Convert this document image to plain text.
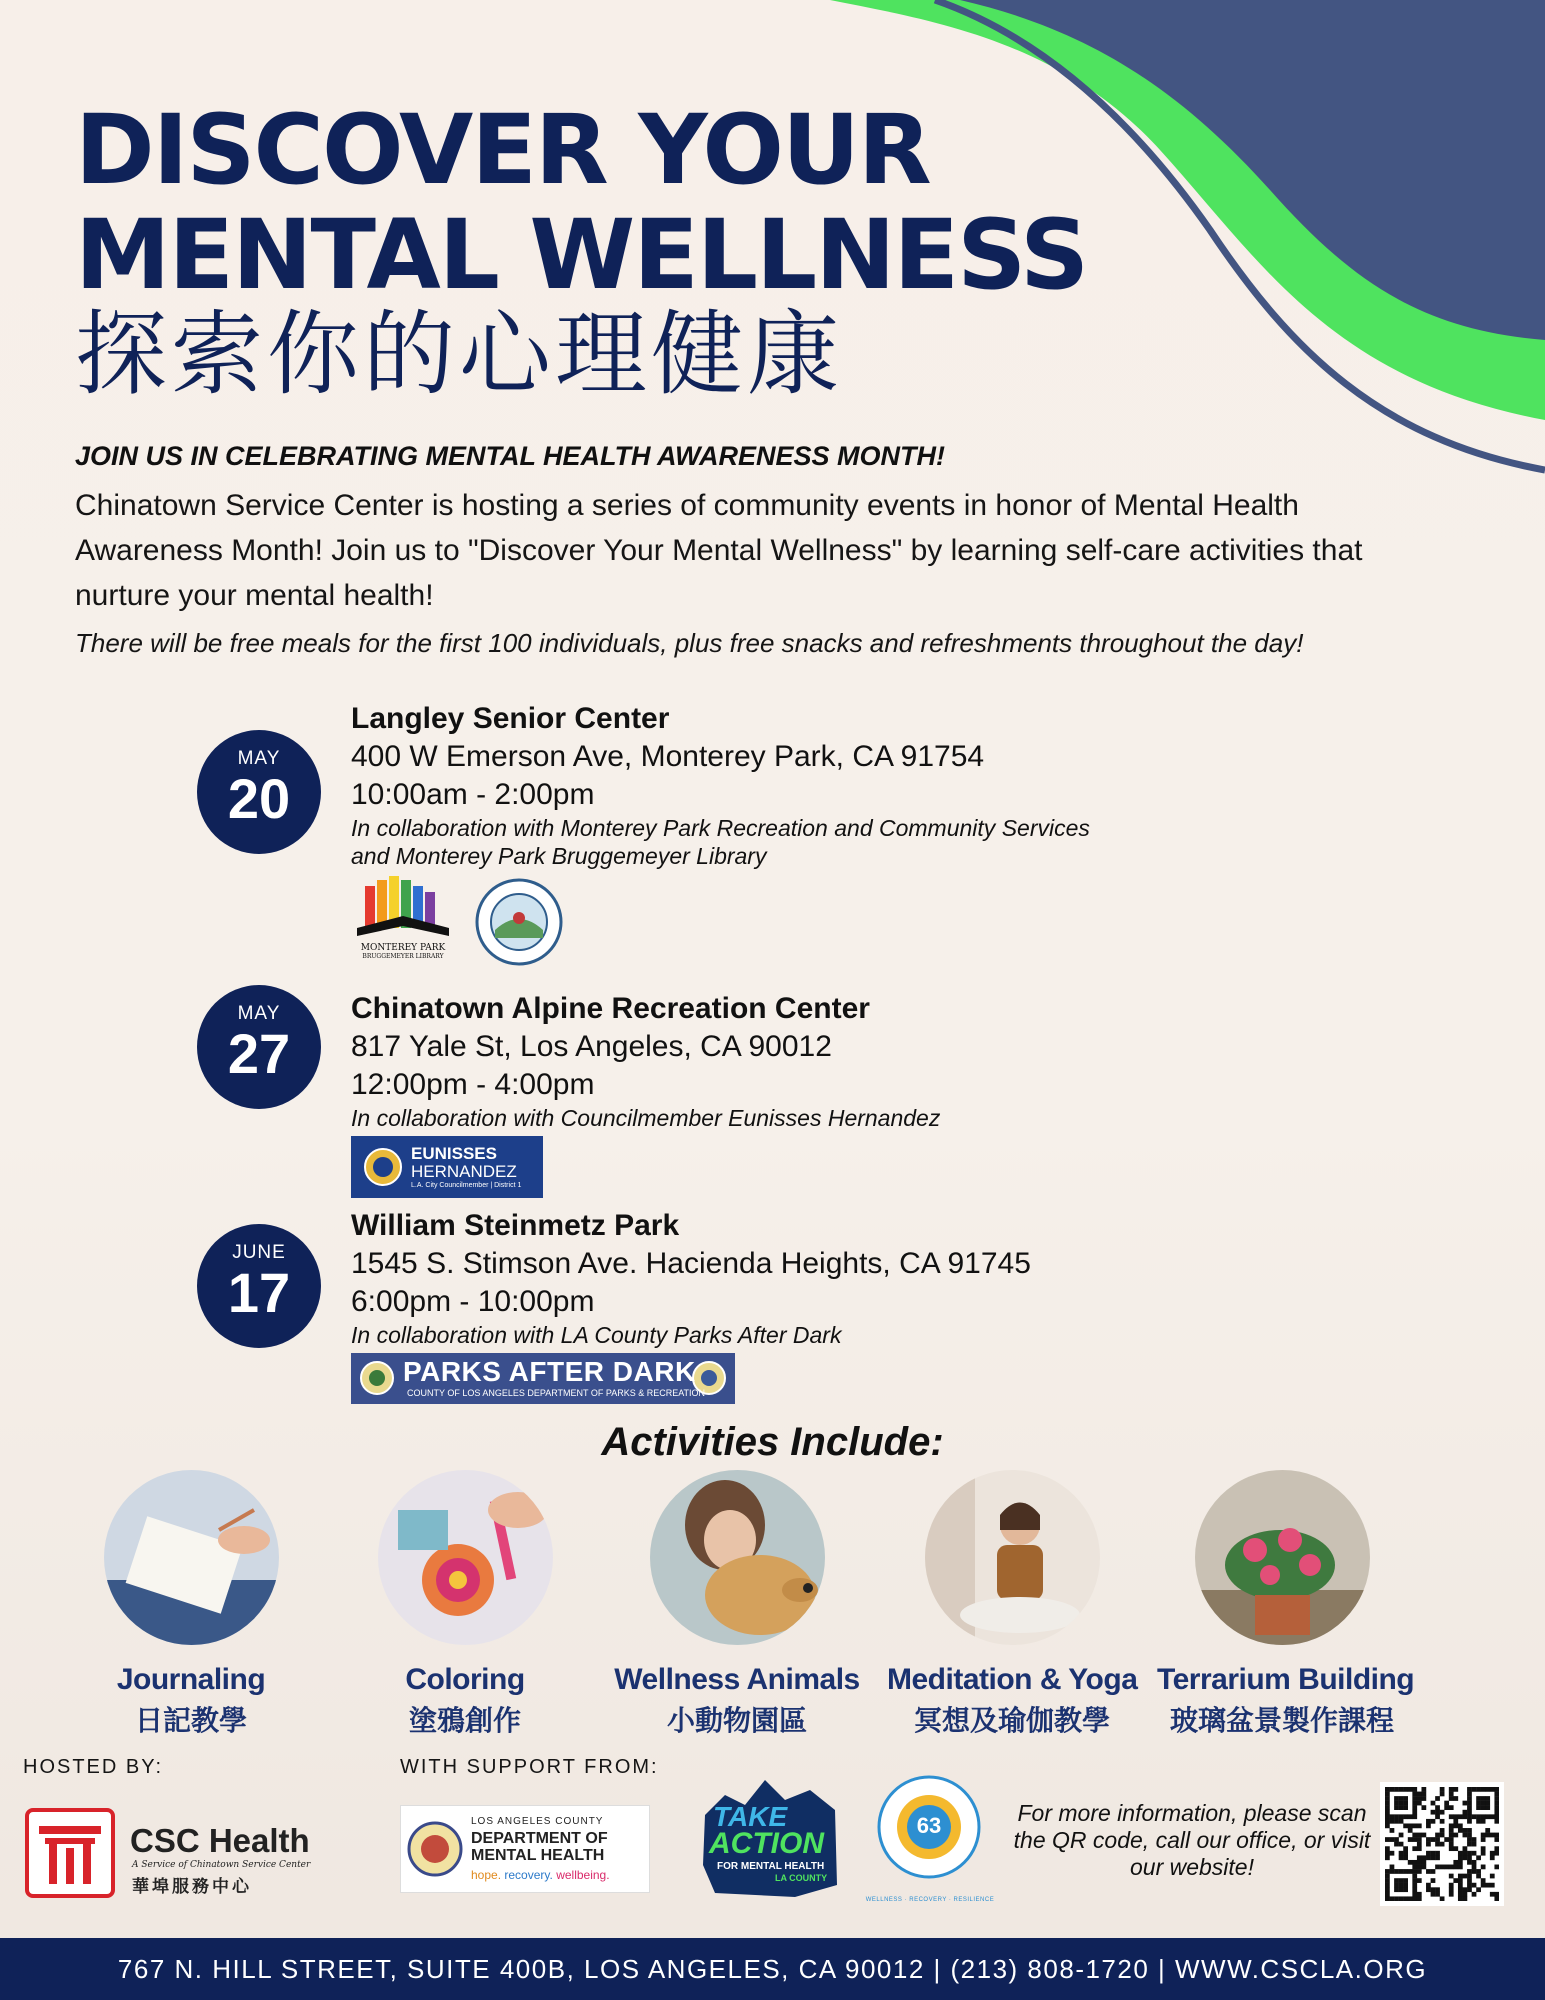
DISCOVER YOUR
MENTAL WELLNESS
探索你的心理健康
JOIN US IN CELEBRATING MENTAL HEALTH AWARENESS MONTH!
Chinatown Service Center is hosting a series of community events in honor of Mental Health Awareness Month! Join us to "Discover Your Mental Wellness" by learning self-care activities that nurture your mental health!
There will be free meals for the first 100 individuals, plus free snacks and refreshments throughout the day!
MAY
20
Langley Senior Center
400 W Emerson Ave, Monterey Park, CA 91754
10:00am - 2:00pm
In collaboration with Monterey Park Recreation and Community Services
and Monterey Park Bruggemeyer Library
MONTEREY PARK
BRUGGEMEYER LIBRARY
MAY
27
Chinatown Alpine Recreation Center
817 Yale St, Los Angeles, CA 90012
12:00pm - 4:00pm
In collaboration with Councilmember Eunisses Hernandez
EUNISSES
HERNANDEZ
L.A. City Councilmember | District 1
JUNE
17
William Steinmetz Park
1545 S. Stimson Ave. Hacienda Heights, CA 91745
6:00pm - 10:00pm
In collaboration with LA County Parks After Dark
PARKS AFTER DARK
COUNTY OF LOS ANGELES DEPARTMENT OF PARKS & RECREATION
Activities Include:
Journaling
日記教學
Coloring
塗鴉創作
Wellness Animals
小動物園區
Meditation & Yoga
冥想及瑜伽教學
Terrarium Building
玻璃盆景製作課程
HOSTED BY:	WITH SUPPORT FROM:
CSC Health
A Service of Chinatown Service Center
華埠服務中心
LOS ANGELES COUNTY
DEPARTMENT OF
MENTAL HEALTH
hope. recovery. wellbeing.
TAKE
ACTION
FOR MENTAL HEALTH
LA COUNTY
63
WELLNESS · RECOVERY · RESILIENCE
For more information, please scan the QR code, call our office, or visit our website!
767 N. HILL STREET, SUITE 400B, LOS ANGELES, CA 90012 | (213) 808-1720 | WWW.CSCLA.ORG
